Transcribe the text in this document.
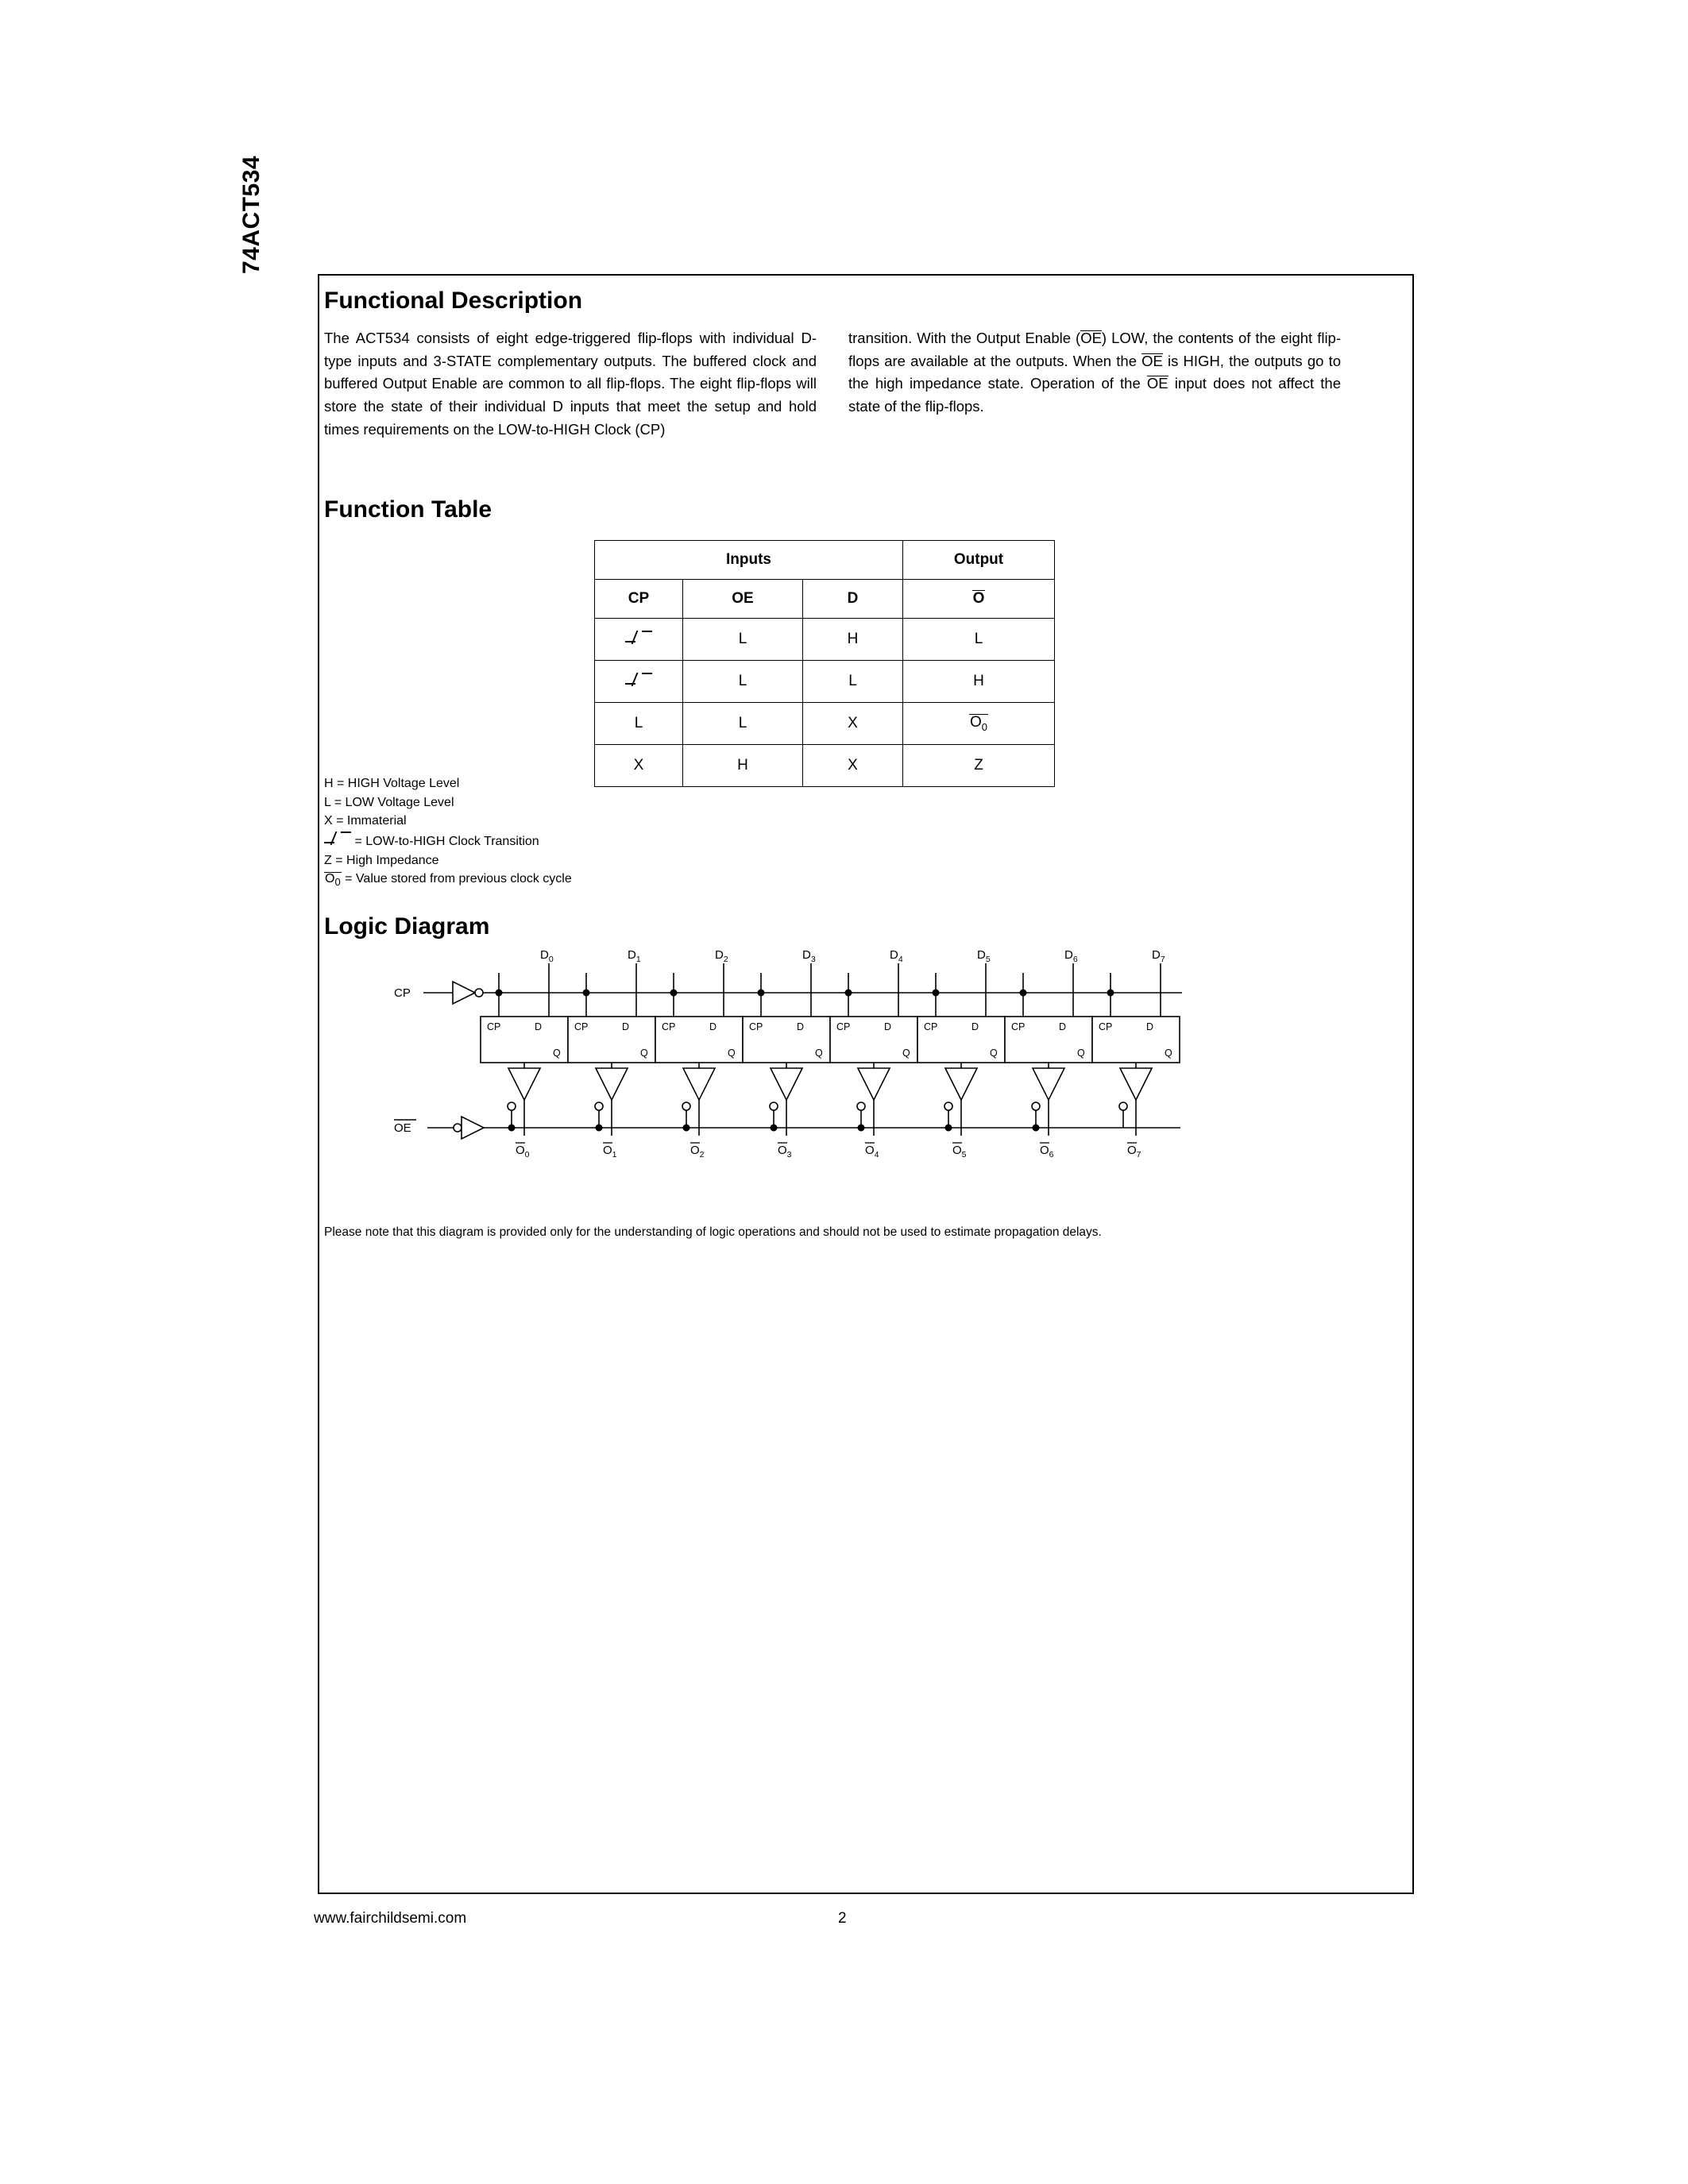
74ACT534
Functional Description

The ACT534 consists of eight edge-triggered flip-flops with individual D-type inputs and 3-STATE complementary outputs. The buffered clock and buffered Output Enable are common to all flip-flops. The eight flip-flops will store the state of their individual D inputs that meet the setup and hold times requirements on the LOW-to-HIGH Clock (CP)

transition. With the Output Enable (OE) LOW, the contents of the eight flip-flops are available at the outputs. When the OE is HIGH, the outputs go to the high impedance state. Operation of the OE input does not affect the state of the flip-flops.

Function Table
Inputs			Output
CP	OE	D	O

	L	H	L

	L	L	H
L	L	X	$O_0$
X	H	X	Z
H = HIGH Voltage Level
L = LOW Voltage Level
X = Immaterial
= LOW-to-HIGH Clock Transition
Z = High Impedance
$O_0$ = Value stored from previous clock cycle
Logic Diagram
CP
OE
$D_0$	$D_1$	$D_2$	$D_3$	$D_4$	$D_5$	$D_6$	$D_7$
CP	D
Q
CP	D
Q
CP	D
Q
CP	D
Q
CP	D
Q
CP	D
Q
CP	D
Q
CP	D
Q
$O_0$	$O_1$	$O_2$	$O_3$	$O_4$	$O_5$	$O_6$	$O_7$
Please note that this diagram is provided only for the understanding of logic operations and should not be used to estimate propagation delays.
www.fairchildsemi.com	2
